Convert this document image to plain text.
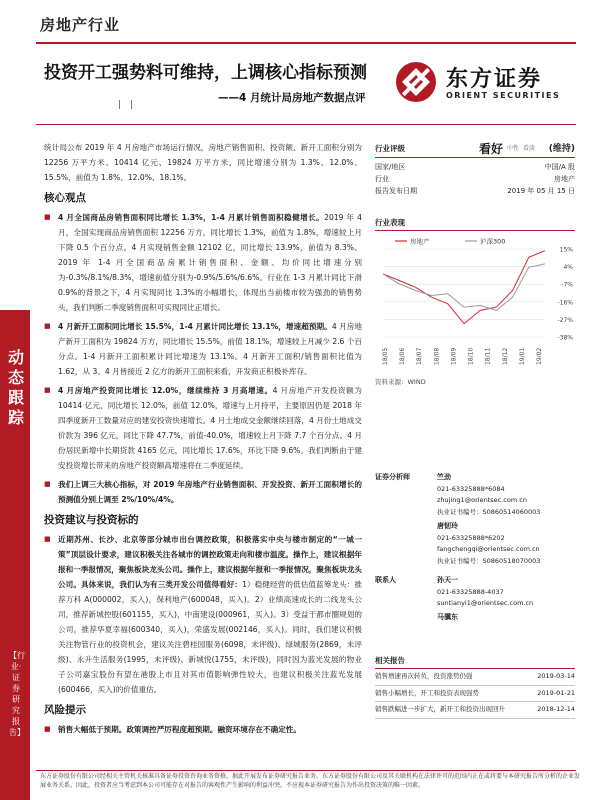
房地产行业
投资开工强势料可维持，上调核心指标预测
——4 月统计局房地产数据点评
| |
东方证券
ORIENT SECURITIES
动态跟踪
【行业·证券研究报告】

统计局公布 2019 年 4 月房地产市场运行情况，房地产销售面积、投资额、新开工面积分别为 12256 万平方米、10414 亿元、19824 万平方米，同比增速分别为 1.3%、12.0%、15.5%，前值为 1.8%、12.0%、18.1%。

核心观点
■ 4 月全国商品房销售面积同比增长 1.3%，1-4 月累计销售面积稳健增长。2019 年 4 月，全国实现商品房销售面积 12256 万方，同比增长 1.3%，前值为 1.8%，增速较上月下降 0.5 个百分点。4 月实现销售金额 12102 亿，同比增长 13.9%，前值为 8.3%。2019 年 1-4 月全国商品房累计销售面积、金额、均价同比增速分别为-0.3%/8.1%/8.3%，增速前值分别为-0.9%/5.6%/6.6%。行业在 1-3 月累计同比下滑 0.9%的背景之下，4 月实现同比 1.3%的小幅增长，体现出当前楼市较为强劲的销售势头，我们判断二季度销售面积可实现同比正增长。
■ 4 月新开工面积同比增长 15.5%，1-4 月累计同比增长 13.1%，增速超预期。4 月房地产新开工面积为 19824 万方，同比增长 15.5%，前值 18.1%，增速较上月减少 2.6 个百分点。1-4 月新开工面积累计同比增速为 13.1%。4 月新开工面积/销售面积比值为 1.62，从 3、4 月皆接近 2 亿方的新开工面积来看，开发商正积极补库存。
■ 4 月房地产投资同比增长 12.0%，继续维持 3 月高增速。4 月房地产开发投资额为 10414 亿元，同比增长 12.0%，前值 12.0%，增速与上月持平，主要原因仍是 2018 年四季度新开工数量对应的建安投资快速增长。4 月土地成交金额继续回落，4 月份土地成交价款为 396 亿元，同比下降 47.7%，前值-40.0%，增速较上月下降 7.7 个百分点。4 月份居民新增中长期贷款 4165 亿元，同比增长 17.6%，环比下降 9.6%。我们判断由于建安投资增长带来的房地产投资额高增速将在二季度延续。
■ 我们上调三大核心指标，对 2019 年房地产行业销售面积、开发投资、新开工面积增长的预测值分别上调至 2%/10%/4%。
投资建议与投资标的
■ 近期苏州、长沙、北京等部分城市出台调控政策，积极落实中央与楼市制定的“一城一策”顶层设计要求，建议积极关注各城市的调控政策走向和楼市温度。操作上，建议根据年报和一季报情况，聚焦板块龙头公司。操作上，建议根据年报和一季报情况，聚焦板块龙头公司。具体来说，我们认为有三类开发公司值得看好：1）稳健经营的低估值蓝筹龙头：推荐万科 A(000002，买入)，保利地产(600048，买入)。2）业绩高速成长的二线龙头公司，推荐新城控股(601155，买入)，中南建设(000961，买入)。3）受益于都市圈规划的公司，推荐华夏幸福(600340，买入)，荣盛发展(002146，买入)。同时，我们建议积极关注物管行业的投资机会，建议关注碧桂园服务(6098，未评级)、绿城服务(2869，未评级)、永升生活服务(1995，未评级)、新城悦(1755，未评级)，同时因为蓝光发展的物业子公司嘉宝股份有望在港股上市且对其市值影响弹性较大，也建议积极关注蓝光发展(600466，买入)的价值重估。
风险提示
■ 销售大幅低于预期。政策调控严厉程度超预期。融资环境存在不确定性。
行业评级	看好 中性 看淡 (维持)
国家/地区	中国/A 股
行业	房地产
报告发布日期	2019 年 05 月 15 日
行业表现
15%
4%
-7%
-16%
-27%
-38%
18/05 18/06 18/07 18/08 18/09 18/10 18/11 18/12 19/01 19/02
房地产	沪深300
资料来源：WIND
证券分析师	竺劲
021-63325888*6084
zhujing1@orientsec.com.cn
执业证书编号：S0860514060003
唐韧玲
021-63325888*6202
fangchengqi@orientsec.com.cn
执业证书编号：S0860518070003
联系人	孙天一
021-63325888-4037
suntianyi1@orientsec.com.cn
马骥东
相关报告
销售增速再次转负，投资涨势仍强	2019-03-14
销售小幅增长，开工和投资表现强势	2019-01-21
销售跌幅进一步扩大，新开工和投资出现回升	2018-12-14
东方证券股份有限公司经相关主管机关核准具备证券投资咨询业务资格，据此开展发布证券研究报告业务。东方证券股份有限公司及其关联机构在法律许可的范围内正在或将要与本研究报告所分析的企业发展业务关系。因此，投资者应当考虑到本公司可能存在对报告的客观性产生影响的利益冲突，不应视本证券研究报告为作出投资决策的唯一因素。
